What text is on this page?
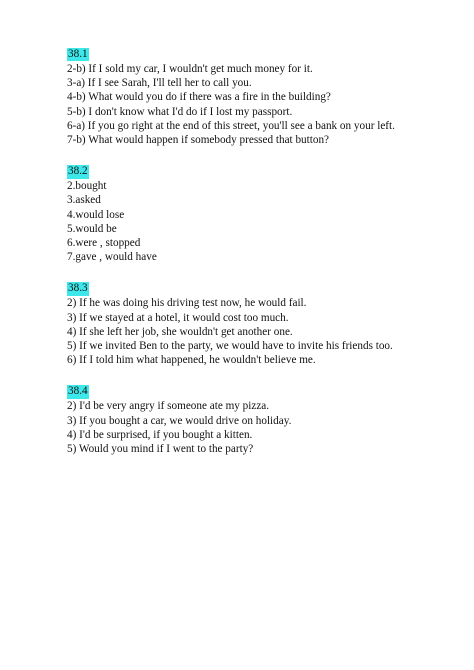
38.1
2-b) If I sold my car, I wouldn't get much money for it.
3-a) If I see Sarah, I'll tell her to call you.
4-b) What would you do if there was a fire in the building?
5-b) I don't know what I'd do if I lost my passport.
6-a) If you go right at the end of this street, you'll see a bank on your left.
7-b) What would happen if somebody pressed that button?
38.2
2.bought
3.asked
4.would lose
5.would be
6.were , stopped
7.gave , would have
38.3
2) If he was doing his driving test now, he would fail.
3) If we stayed at a hotel, it would cost too much.
4) If she left her job, she wouldn't get another one.
5) If we invited Ben to the party, we would have to invite his friends too.
6) If I told him what happened, he wouldn't believe me.
38.4
2) I'd be very angry if someone ate my pizza.
3) If you bought a car, we would drive on holiday.
4) I'd be surprised, if you bought a kitten.
5) Would you mind if I went to the party?
